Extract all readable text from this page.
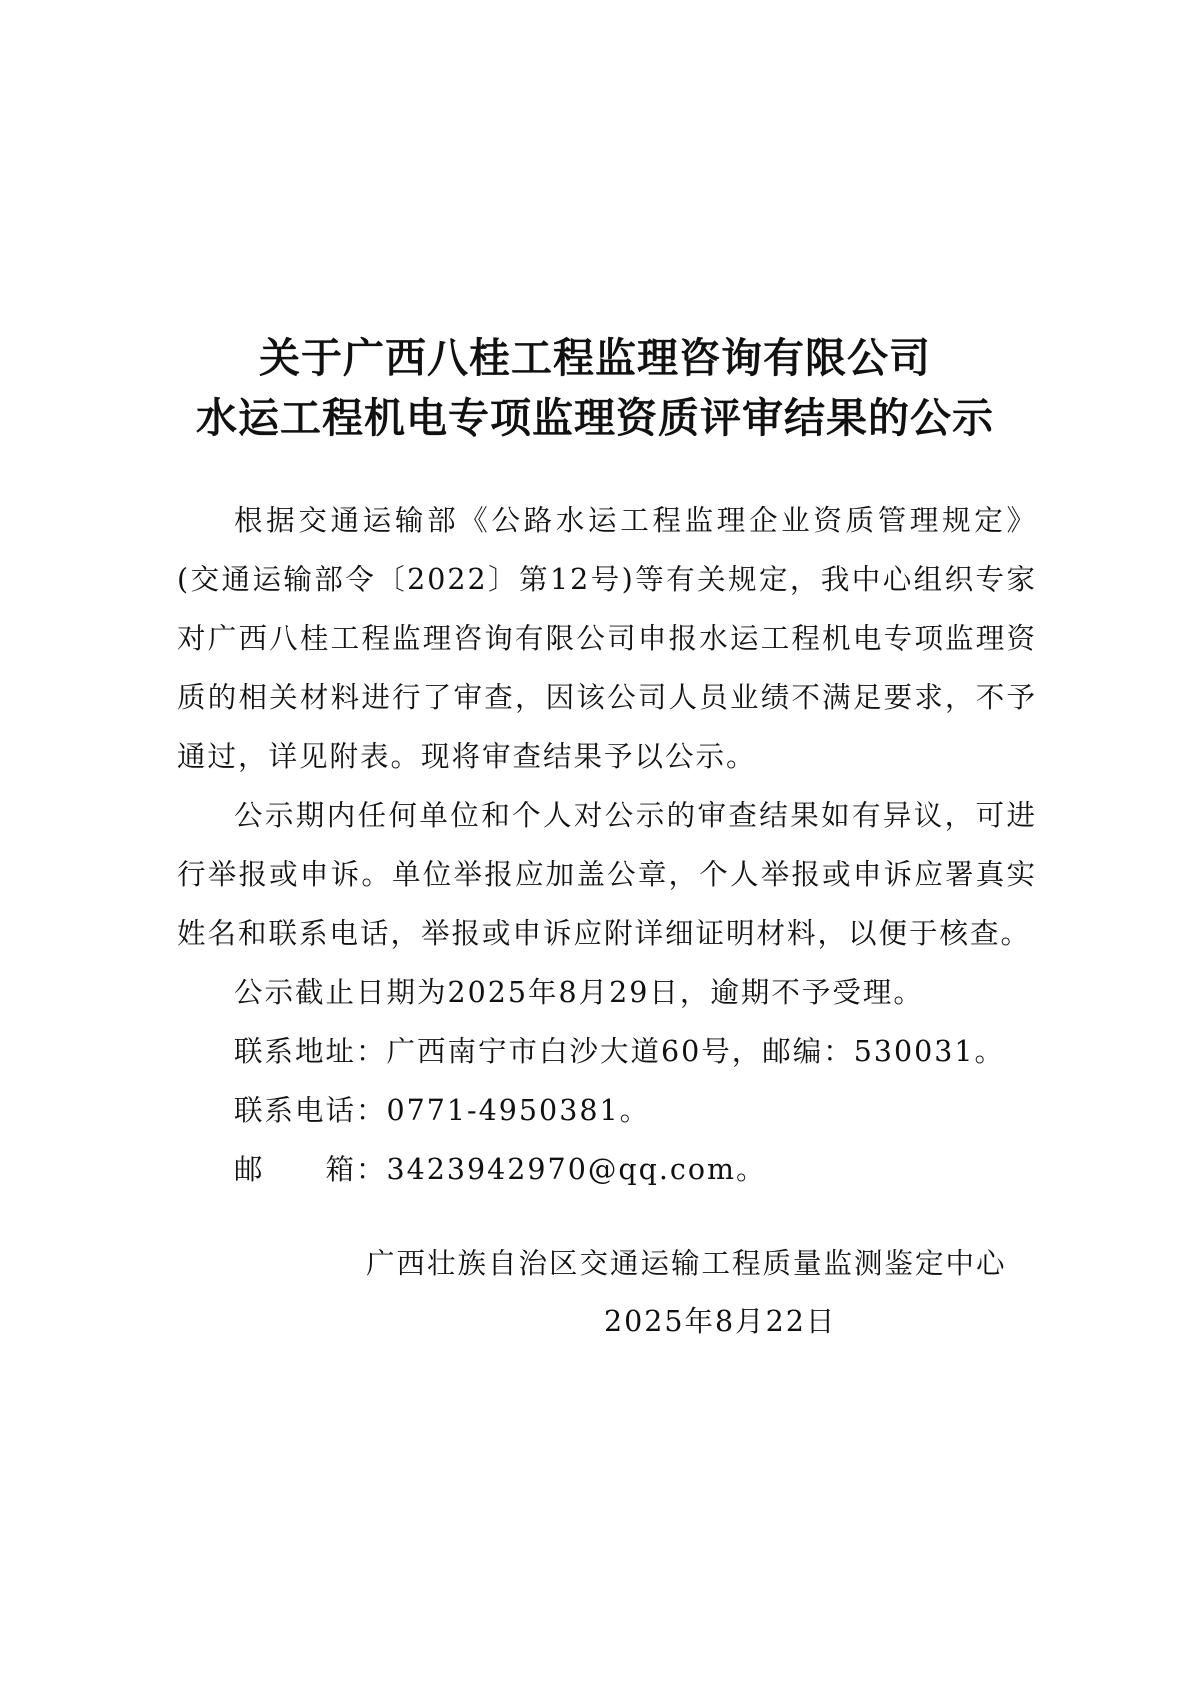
关于广西八桂工程监理咨询有限公司
水运工程机电专项监理资质评审结果的公示

根据交通运输部《公路水运工程监理企业资质管理规定》(交通运输部令〔2022〕第12号)等有关规定，我中心组织专家对广西八桂工程监理咨询有限公司申报水运工程机电专项监理资质的相关材料进行了审查，因该公司人员业绩不满足要求，不予通过，详见附表。现将审查结果予以公示。

公示期内任何单位和个人对公示的审查结果如有异议，可进行举报或申诉。单位举报应加盖公章，个人举报或申诉应署真实姓名和联系电话，举报或申诉应附详细证明材料，以便于核查。

公示截止日期为2025年8月29日，逾期不予受理。

联系地址：广西南宁市白沙大道60号，邮编：530031。

联系电话：0771-4950381。

邮　　箱：3423942970@qq.com。

广西壮族自治区交通运输工程质量监测鉴定中心
2025年8月22日
